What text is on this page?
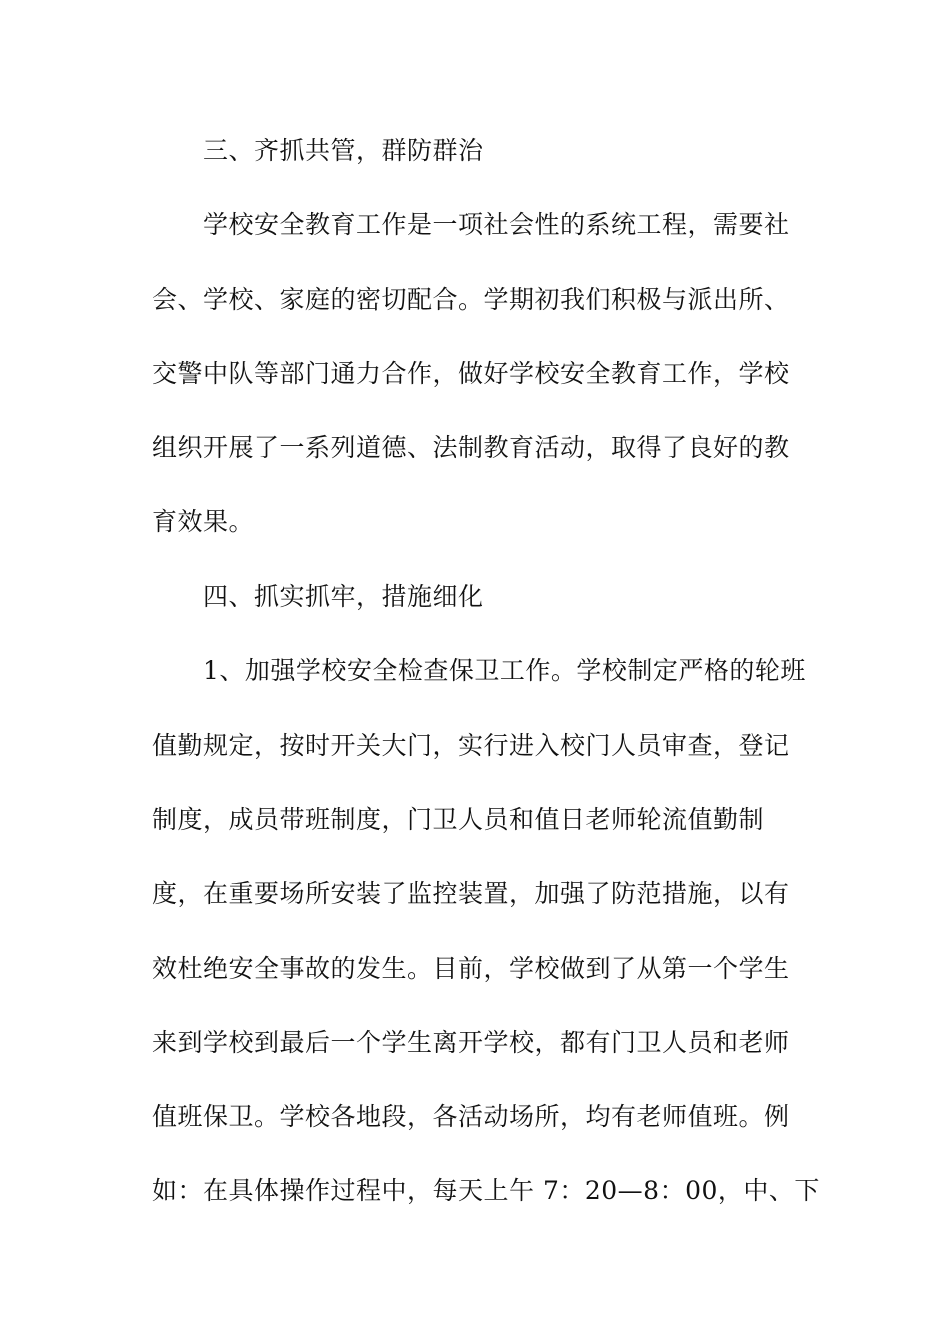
三、齐抓共管，群防群治

学校安全教育工作是一项社会性的系统工程，需要社

会、学校、家庭的密切配合。学期初我们积极与派出所、

交警中队等部门通力合作，做好学校安全教育工作，学校

组织开展了一系列道德、法制教育活动，取得了良好的教

育效果。

四、抓实抓牢，措施细化

1、加强学校安全检查保卫工作。学校制定严格的轮班

值勤规定，按时开关大门，实行进入校门人员审查，登记

制度，成员带班制度，门卫人员和值日老师轮流值勤制

度，在重要场所安装了监控装置，加强了防范措施，以有

效杜绝安全事故的发生。目前，学校做到了从第一个学生

来到学校到最后一个学生离开学校，都有门卫人员和老师

值班保卫。学校各地段，各活动场所，均有老师值班。例

如：在具体操作过程中，每天上午 7：20—8：00，中、下
